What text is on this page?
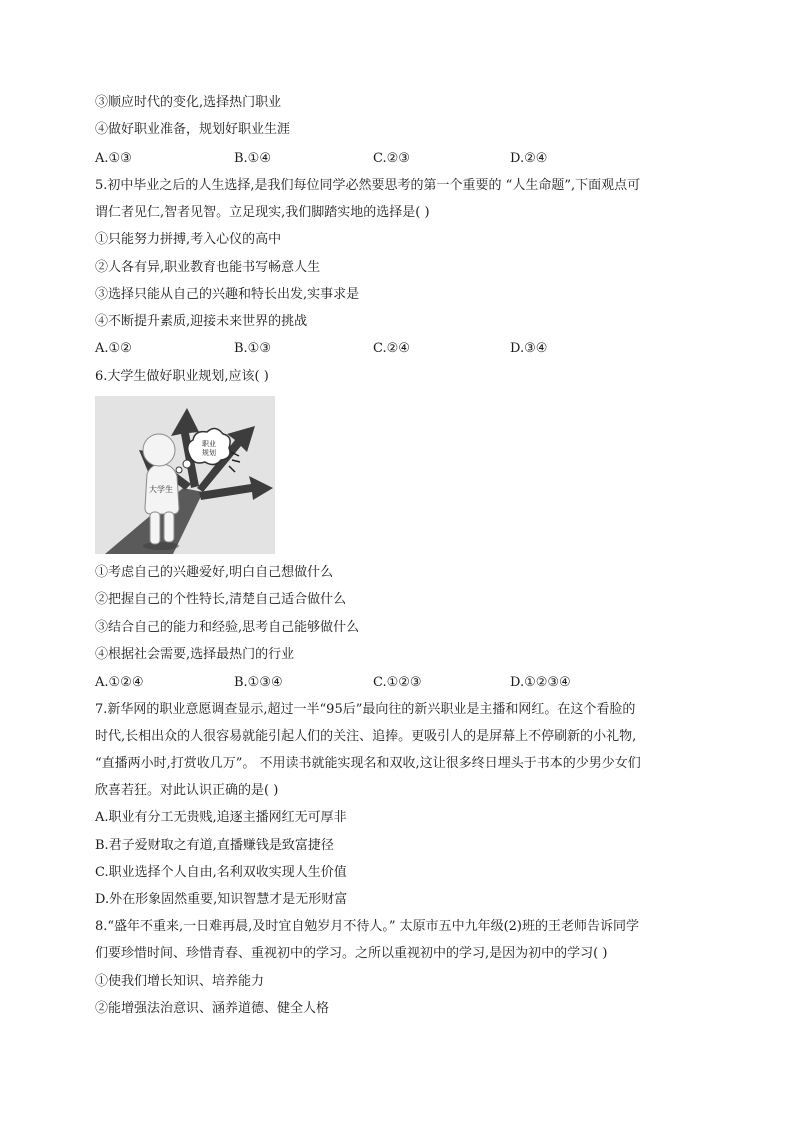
③顺应时代的变化,选择热门职业
④做好职业准备，规划好职业生涯
A.①③	B.①④	C.②③	D.②④
5.初中毕业之后的人生选择,是我们每位同学必然要思考的第一个重要的 “人生命题”,下面观点可
谓仁者见仁,智者见智。立足现实,我们脚踏实地的选择是( )
①只能努力拼搏,考入心仪的高中
②人各有异,职业教育也能书写畅意人生
③选择只能从自己的兴趣和特长出发,实事求是
④不断提升素质,迎接未来世界的挑战
A.①②	B.①③	C.②④	D.③④
6.大学生做好职业规划,应该( )
大学生
职业
规划
①考虑自己的兴趣爱好,明白自己想做什么
②把握自己的个性特长,清楚自己适合做什么
③结合自己的能力和经验,思考自己能够做什么
④根据社会需要,选择最热门的行业
A.①②④	B.①③④	C.①②③	D.①②③④
7.新华网的职业意愿调查显示,超过一半“95后”最向往的新兴职业是主播和网红。在这个看脸的
时代,长相出众的人很容易就能引起人们的关注、追捧。更吸引人的是屏幕上不停刷新的小礼物,
“直播两小时,打赏收几万”。 不用读书就能实现名和双收,这让很多终日埋头于书本的少男少女们
欣喜若狂。对此认识正确的是( )
A.职业有分工无贵贱,追逐主播网红无可厚非
B.君子爱财取之有道,直播赚钱是致富捷径
C.职业选择个人自由,名利双收实现人生价值
D.外在形象固然重要,知识智慧才是无形财富
8.“盛年不重来,一日难再晨,及时宜自勉岁月不待人。” 太原市五中九年级(2)班的王老师告诉同学
们要珍惜时间、珍惜青春、重视初中的学习。之所以重视初中的学习,是因为初中的学习( )
①使我们增长知识、培养能力
②能增强法治意识、涵养道德、健全人格
